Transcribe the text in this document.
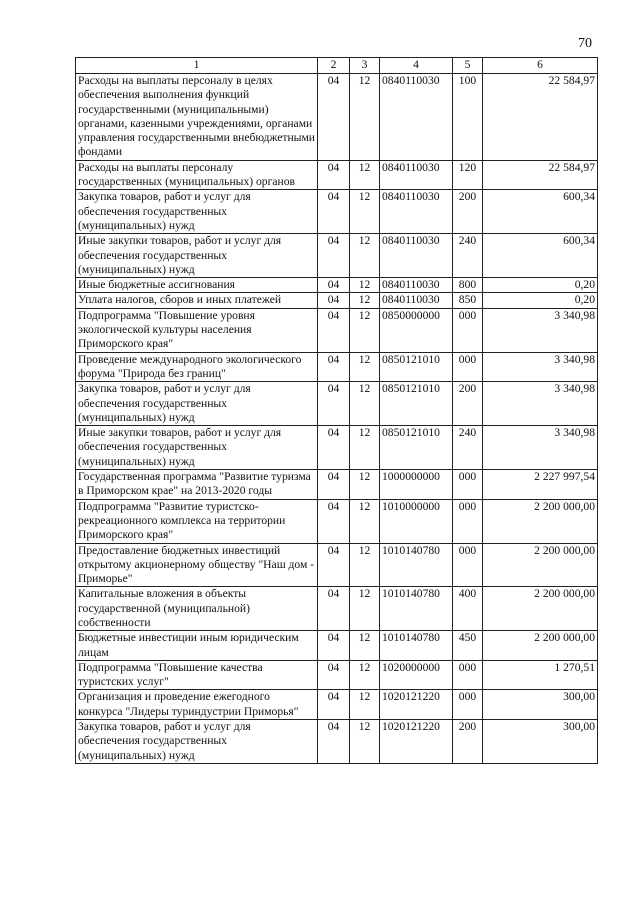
70
1	2	3	4	5	6
Расходы на выплаты персоналу в целях обеспечения выполнения функций государственными (муниципальными) органами, казенными учреждениями, органами управления государственными внебюджетными фондами	04	12	0840110030	100	22 584,97
Расходы на выплаты персоналу государственных (муниципальных) органов	04	12	0840110030	120	22 584,97
Закупка товаров, работ и услуг для обеспечения государственных (муниципальных) нужд	04	12	0840110030	200	600,34
Иные закупки товаров, работ и услуг для обеспечения государственных (муниципальных) нужд	04	12	0840110030	240	600,34
Иные бюджетные ассигнования	04	12	0840110030	800	0,20
Уплата налогов, сборов и иных платежей	04	12	0840110030	850	0,20
Подпрограмма "Повышение уровня экологической культуры населения Приморского края"	04	12	0850000000	000	3 340,98
Проведение международного экологического форума "Природа без границ"	04	12	0850121010	000	3 340,98
Закупка товаров, работ и услуг для обеспечения государственных (муниципальных) нужд	04	12	0850121010	200	3 340,98
Иные закупки товаров, работ и услуг для обеспечения государственных (муниципальных) нужд	04	12	0850121010	240	3 340,98
Государственная программа "Развитие туризма в Приморском крае" на 2013-2020 годы	04	12	1000000000	000	2 227 997,54
Подпрограмма "Развитие туристско-рекреационного комплекса на территории Приморского края"	04	12	1010000000	000	2 200 000,00
Предоставление бюджетных инвестиций открытому акционерному обществу "Наш дом - Приморье"	04	12	1010140780	000	2 200 000,00
Капитальные вложения в объекты государственной (муниципальной) собственности	04	12	1010140780	400	2 200 000,00
Бюджетные инвестиции иным юридическим лицам	04	12	1010140780	450	2 200 000,00
Подпрограмма "Повышение качества туристских услуг"	04	12	1020000000	000	1 270,51
Организация и проведение ежегодного конкурса "Лидеры туриндустрии Приморья"	04	12	1020121220	000	300,00
Закупка товаров, работ и услуг для обеспечения государственных (муниципальных) нужд	04	12	1020121220	200	300,00
